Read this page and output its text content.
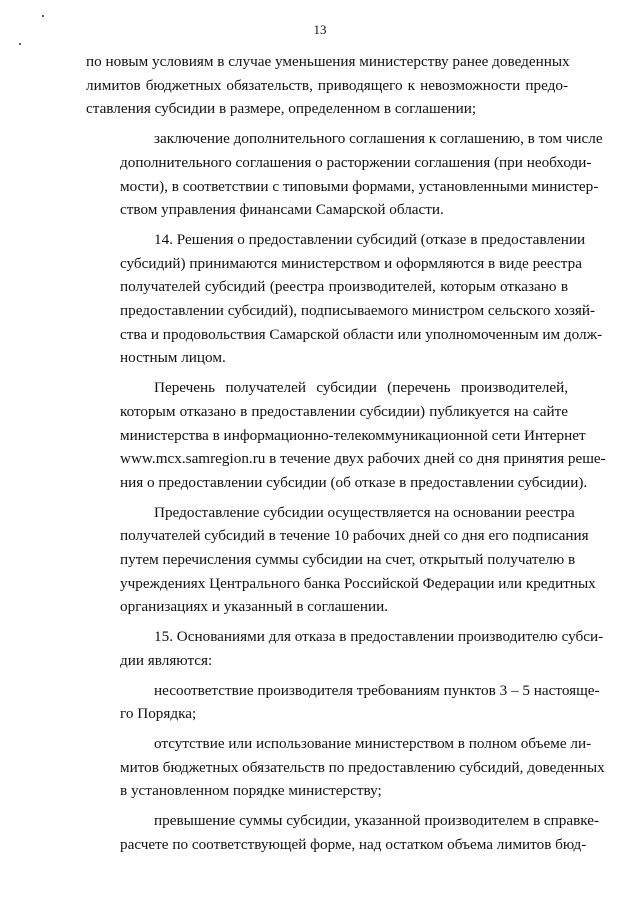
13

по новым условиям в случае уменьшения министерству ранее доведенных
лимитов бюджетных обязательств, приводящего к невозможности предо-
ставления субсидии в размере, определенном в соглашении;

заключение дополнительного соглашения к соглашению, в том числе
дополнительного соглашения о расторжении соглашения (при необходи-
мости), в соответствии с типовыми формами, установленными министер-
ством управления финансами Самарской области.

14. Решения о предоставлении субсидий (отказе в предоставлении
субсидий) принимаются министерством и оформляются в виде реестра
получателей субсидий (реестра производителей, которым отказано в
предоставлении субсидий), подписываемого министром сельского хозяй-
ства и продовольствия Самарской области или уполномоченным им долж-
ностным лицом.

Перечень получателей субсидии (перечень производителей,
которым отказано в предоставлении субсидии) публикуется на сайте
министерства в информационно-телекоммуникационной сети Интернет
www.mcx.samregion.ru в течение двух рабочих дней со дня принятия реше-
ния о предоставлении субсидии (об отказе в предоставлении субсидии).

Предоставление субсидии осуществляется на основании реестра
получателей субсидий в течение 10 рабочих дней со дня его подписания
путем перечисления суммы субсидии на счет, открытый получателю в
учреждениях Центрального банка Российской Федерации или кредитных
организациях и указанный в соглашении.

15. Основаниями для отказа в предоставлении производителю субси-
дии являются:

несоответствие производителя требованиям пунктов 3 – 5 настояще-
го Порядка;

отсутствие или использование министерством в полном объеме ли-
митов бюджетных обязательств по предоставлению субсидий, доведенных
в установленном порядке министерству;

превышение суммы субсидии, указанной производителем в справке-
расчете по соответствующей форме, над остатком объема лимитов бюд-
